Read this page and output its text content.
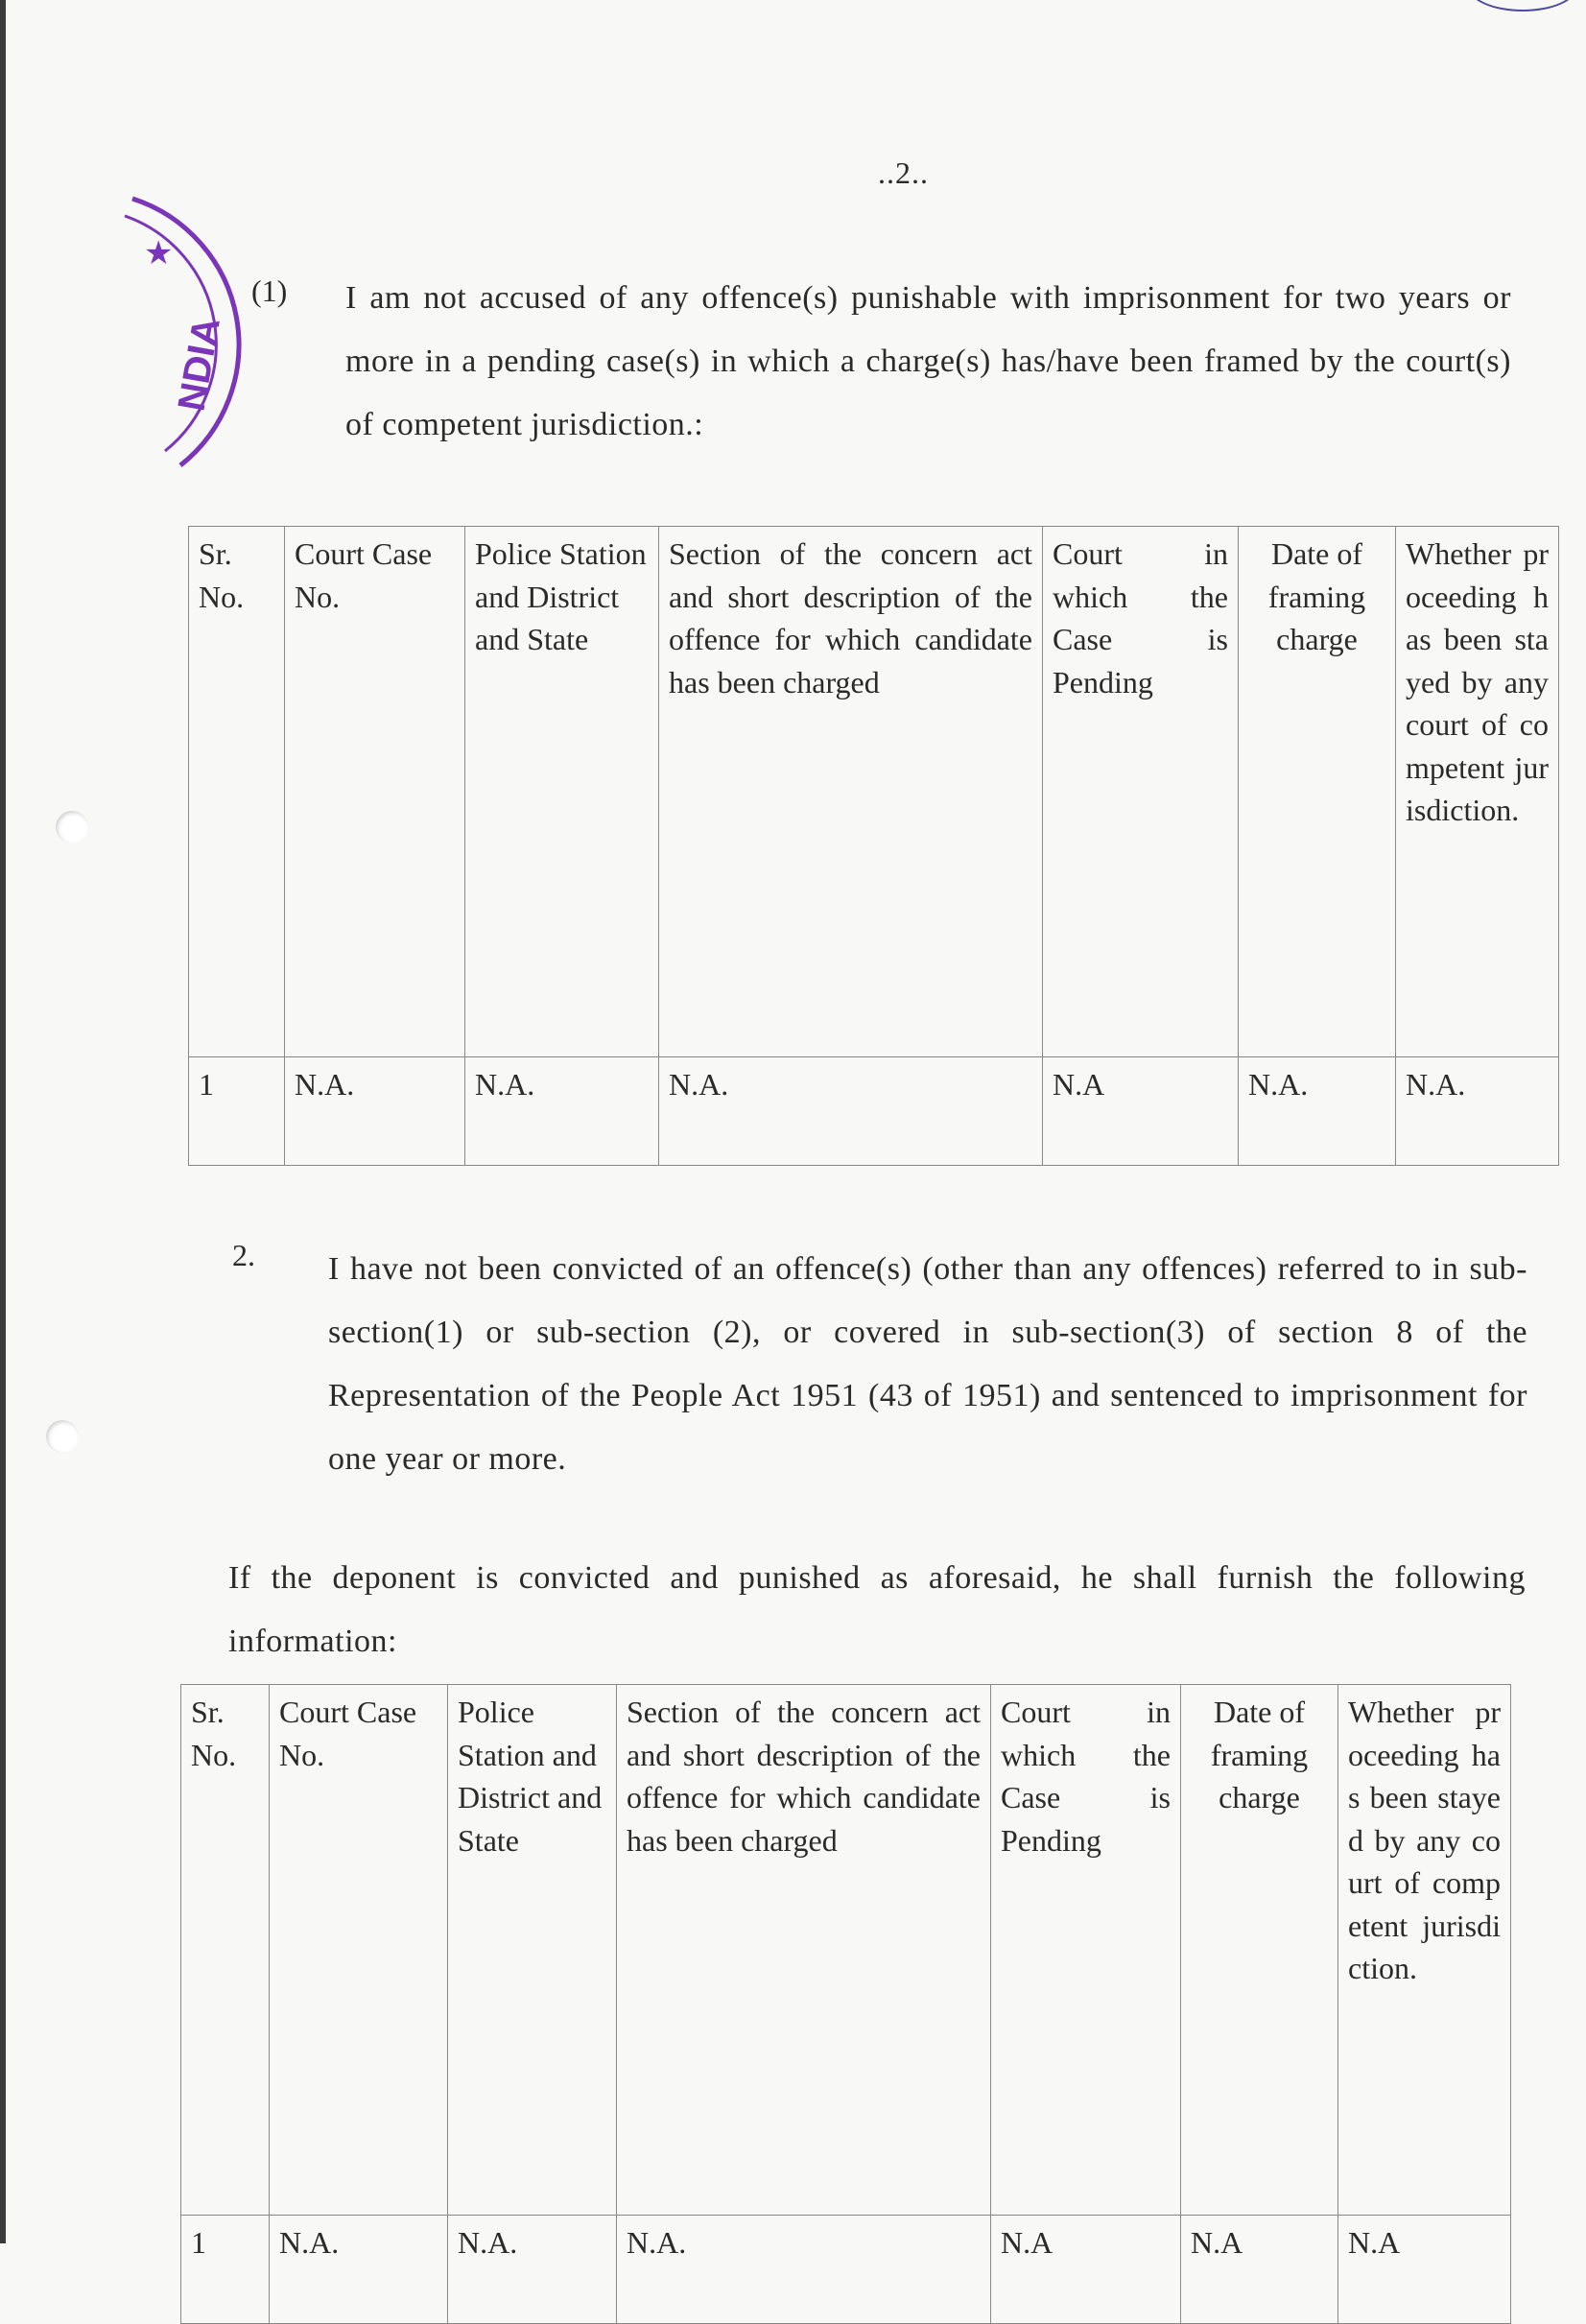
..2..
NDIA
★
(1) I am not accused of any offence(s) punishable with imprisonment for two years or more in a pending case(s) in which a charge(s) has/have been framed by the court(s) of competent jurisdiction.:
Sr. No.	Court Case No.	Police Station and District and State	Section of the concern act and short description of the offence for which candidate has been charged	Court in which the Case is Pending	Date of framing charge	Whether proceeding has been stayed by any court of competent jurisdiction.
1	N.A.	N.A.	N.A.	N.A	N.A.	N.A.
2. I have not been convicted of an offence(s) (other than any offences) referred to in sub-section(1) or sub-section (2), or covered in sub-section(3) of section 8 of the Representation of the People Act 1951 (43 of 1951) and sentenced to imprisonment for one year or more.
If the deponent is convicted and punished as aforesaid, he shall furnish the following information:
Sr. No.	Court Case No.	Police Station and District and State	Section of the concern act and short description of the offence for which candidate has been charged	Court in which the Case is Pending	Date of framing charge	Whether proceeding has been stayed by any court of competent jurisdiction.
1	N.A.	N.A.	N.A.	N.A	N.A	N.A
